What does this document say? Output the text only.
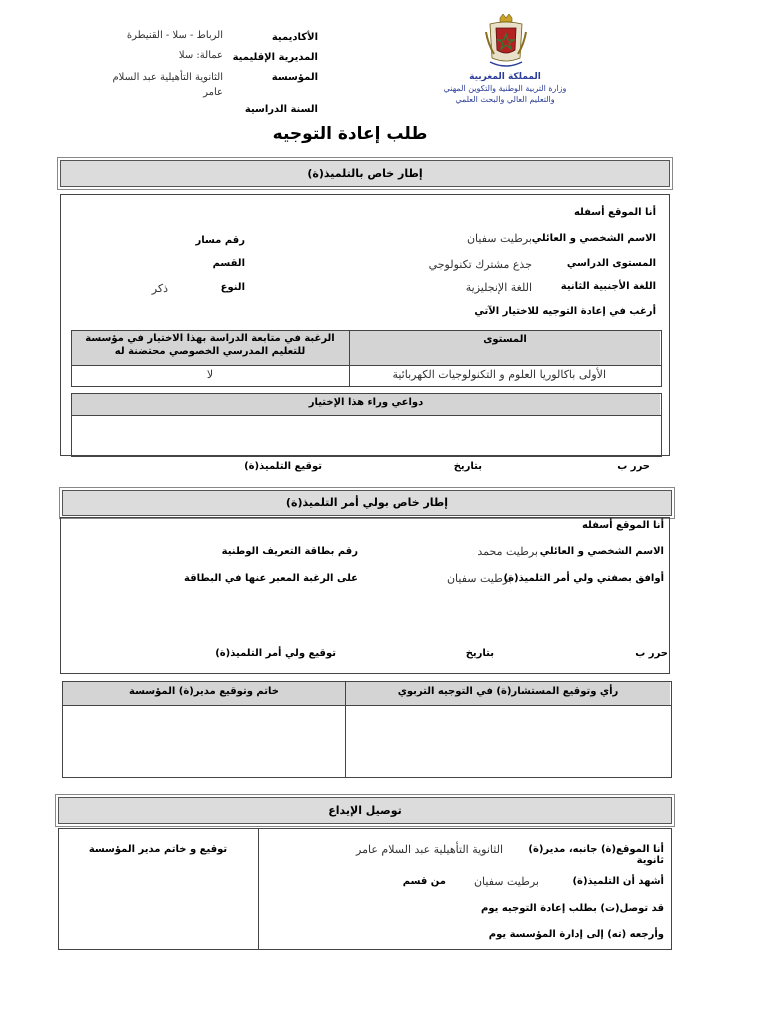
الأكاديمية
المديرية الإقليمية
المؤسسة
السنة الدراسية
الرباط - سلا - القنيطرة
عمالة: سلا
الثانوية التأهيلية عبد السلام عامر
المملكة المغربية
وزارة التربية الوطنية والتكوين المهني
والتعليم العالي والبحث العلمي
طلب إعادة التوجيه
إطار خاص بالتلميذ(ة)
أنا الموقع أسفله
الاسم الشخصي و العائلي
برطيت سفيان
رقم مسار
المستوى الدراسي
جذع مشترك تكنولوجي
القسم
اللغة الأجنبية الثانية
اللغة الإنجليزية
النوع
ذكر
أرغب في إعادة التوجيه للاختيار الآتي
المستوى
الرغبة في متابعة الدراسة بهذا الاختيار في مؤسسة للتعليم المدرسي الخصوصي محتضنة له
الأولى باكالوريا العلوم و التكنولوجيات الكهربائية
لا
دواعي وراء هذا الإختيار
حرر ب
بتاريخ
توقيع التلميذ(ة)
إطار خاص بولي أمر التلميذ(ة)
أنا الموقع أسفله
الاسم الشخصي و العائلي
برطيت محمد
رقم بطاقة التعريف الوطنية
أوافق بصفتي ولي أمر التلميذ(ة)
برطيت سفيان
على الرغبة المعبر عنها في البطاقة
حرر ب
بتاريخ
توقيع ولي أمر التلميذ(ة)
رأي وتوقيع المستشار(ة) في التوجيه التربوي
خاتم وتوقيع مدير(ة) المؤسسة
توصيل الإيداع
أنا الموقع(ة) جانبه، مدير(ة) ثانوية
الثانوية التأهيلية عبد السلام عامر
أشهد أن التلميذ(ة)
برطيت سفيان
من قسم
قد توصل(ت) بطلب إعادة التوجيه يوم
وأرجعه (ته) إلى إدارة المؤسسة يوم
توقيع و خاتم مدير المؤسسة
